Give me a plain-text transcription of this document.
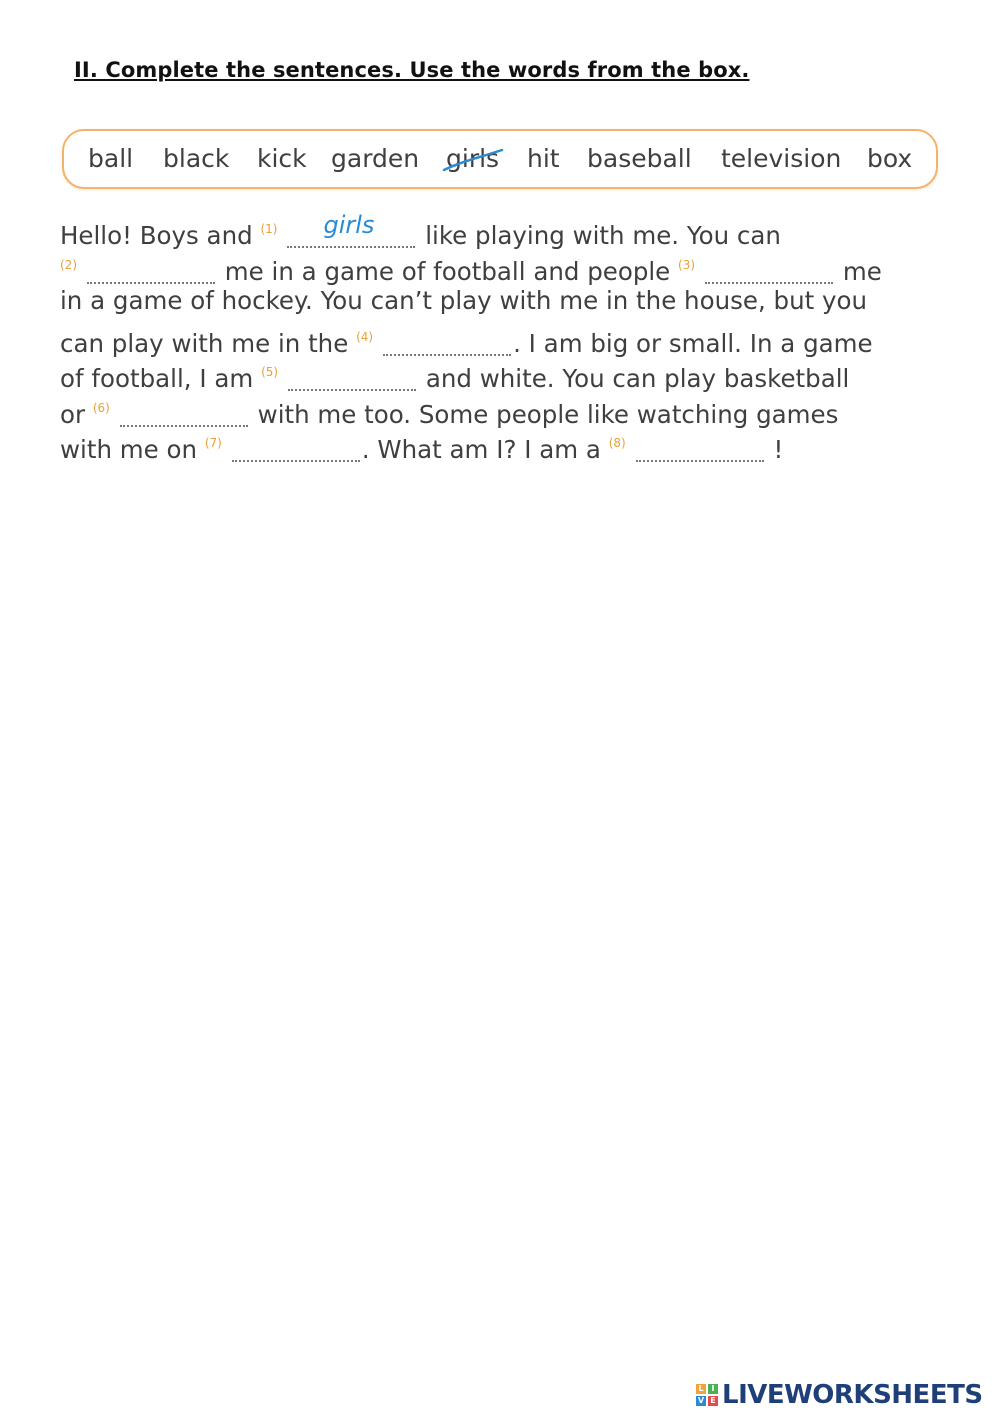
II. Complete the sentences. Use the words from the box.
ball black kick garden girls hit baseball television box
Hello! Boys and $^{(1)}$ girls like playing with me. You can
$^{(2)}$	me in a game of football and people $^{(3)}$	me
in a game of hockey. You can’t play with me in the house, but you
can play with me in the $^{(4)}$	. I am big or small. In a game
of football, I am $^{(5)}$	and white. You can play basketball
or $^{(6)}$	with me too. Some people like watching games
with me on $^{(7)}$	. What am I? I am a $^{(8)}$	!
L I
V E LIVEWORKSHEETS
